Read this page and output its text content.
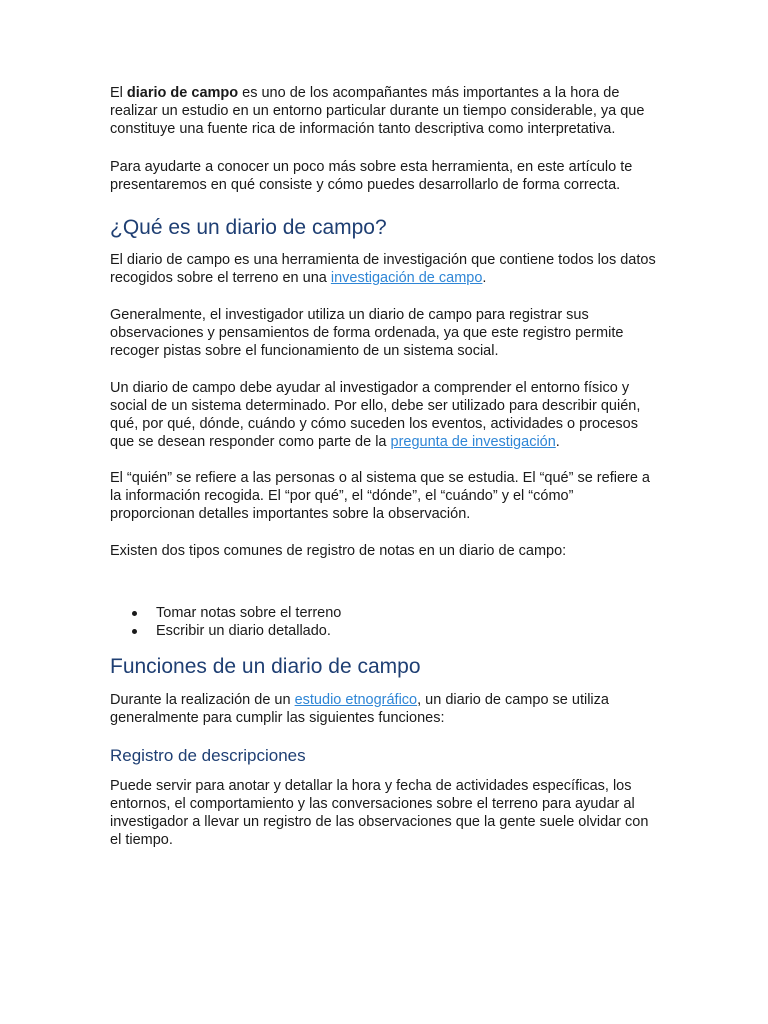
El diario de campo es uno de los acompañantes más importantes a la hora de realizar un estudio en un entorno particular durante un tiempo considerable, ya que constituye una fuente rica de información tanto descriptiva como interpretativa.

Para ayudarte a conocer un poco más sobre esta herramienta, en este artículo te presentaremos en qué consiste y cómo puedes desarrollarlo de forma correcta.

¿Qué es un diario de campo?

El diario de campo es una herramienta de investigación que contiene todos los datos recogidos sobre el terreno en una investigación de campo.

Generalmente, el investigador utiliza un diario de campo para registrar sus observaciones y pensamientos de forma ordenada, ya que este registro permite recoger pistas sobre el funcionamiento de un sistema social.

Un diario de campo debe ayudar al investigador a comprender el entorno físico y social de un sistema determinado. Por ello, debe ser utilizado para describir quién, qué, por qué, dónde, cuándo y cómo suceden los eventos, actividades o procesos que se desean responder como parte de la pregunta de investigación.

El “quién” se refiere a las personas o al sistema que se estudia. El “qué” se refiere a la información recogida. El “por qué”, el “dónde”, el “cuándo” y el “cómo” proporcionan detalles importantes sobre la observación.

Existen dos tipos comunes de registro de notas en un diario de campo:

Tomar notas sobre el terreno
Escribir un diario detallado.
Funciones de un diario de campo

Durante la realización de un estudio etnográfico, un diario de campo se utiliza generalmente para cumplir las siguientes funciones:

Registro de descripciones

Puede servir para anotar y detallar la hora y fecha de actividades específicas, los entornos, el comportamiento y las conversaciones sobre el terreno para ayudar al investigador a llevar un registro de las observaciones que la gente suele olvidar con el tiempo.
